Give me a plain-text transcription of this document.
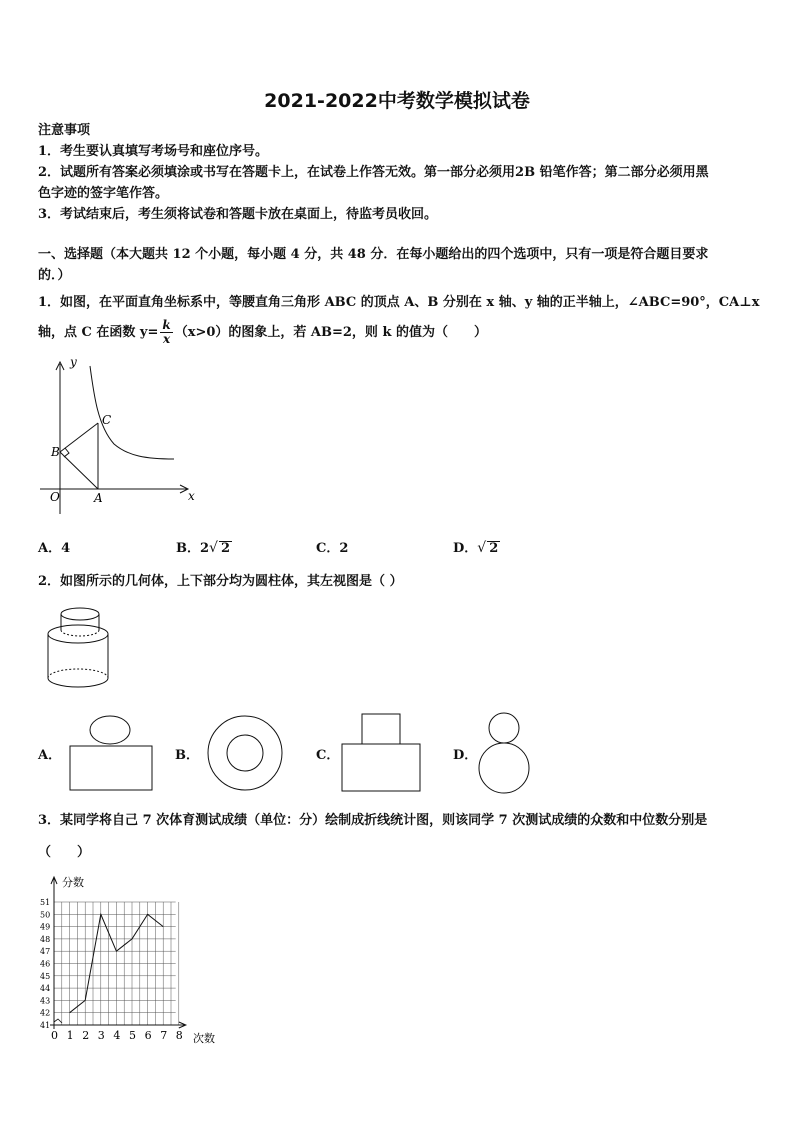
2021-2022中考数学模拟试卷
注意事项
1．考生要认真填写考场号和座位序号。
2．试题所有答案必须填涂或书写在答题卡上，在试卷上作答无效。第一部分必须用2B 铅笔作答；第二部分必须用黑
色字迹的签字笔作答。
3．考试结束后，考生须将试卷和答题卡放在桌面上，待监考员收回。
一、选择题（本大题共 12 个小题，每小题 4 分，共 48 分．在每小题给出的四个选项中，只有一项是符合题目要求
的．）
1．如图，在平面直角坐标系中，等腰直角三角形 ABC 的顶点 A、B 分别在 x 轴、y 轴的正半轴上，∠ABC=90°，CA⊥x
轴，点 C 在函数 $y= \frac{k}{x} (x>0)$的图象上，若 AB=2，则 k 的值为（　　）
y
x
O	A
B
C
A．4	B．2√ 2	C．2	D．√ 2
2．如图所示的几何体，上下部分均为圆柱体，其左视图是（ ）
A．	B．	C．	D．
3．某同学将自己 7 次体育测试成绩（单位：分）绘制成折线统计图，则该同学 7 次测试成绩的众数和中位数分别是
（　　）
0 1 2 3 4 5 6 7 8
41
42
43
44
45
46
47
48
49
50
51
分数
次数
